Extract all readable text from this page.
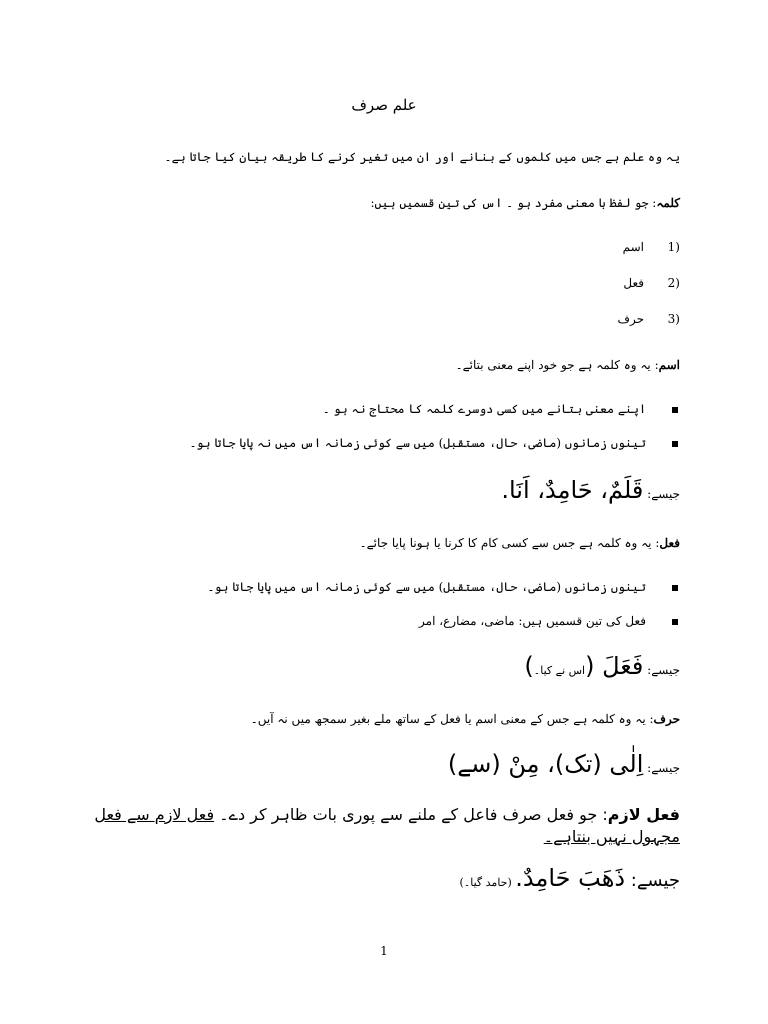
علم صرف
یہ وہ علم ہے جس میں کلموں کے بنانے اور ان میں تغیر کرنے کا طریقہ بیان کیا جاتا ہے۔
کلمہ: جو لفظ با معنی مفرد ہو ۔ اس کی تین قسمیں ہیں:
1)
اسم
2)
فعل
3)
حرف
اسم: یہ وہ کلمہ ہے جو خود اپنے معنی بتائے۔
اپنے معنی بتانے میں کسی دوسرے کلمہ کا محتاج نہ ہو ۔
تینوں زمانوں (ماضی، حال، مستقبل) میں سے کوئی زمانہ اس میں نہ پایا جاتا ہو۔
جیسے: قَلَمٌ، حَامِدٌ، اَنَا.
فعل: یہ وہ کلمہ ہے جس سے کسی کام کا کرنا یا ہونا پایا جائے۔
تینوں زمانوں (ماضی، حال، مستقبل) میں سے کوئی زمانہ اس میں پایا جاتا ہو۔
فعل کی تین قسمیں ہیں: ماضی، مضارع، امر
جیسے: فَعَلَ (اس نے کیا۔)
حرف: یہ وہ کلمہ ہے جس کے معنی اسم یا فعل کے ساتھ ملے بغیر سمجھ میں نہ آیں۔
جیسے: اِلٰی (تک)، مِنْ (سے)
فعل لازم: جو فعل صرف فاعل کے ملنے سے پوری بات ظاہر کر دے۔ فعل لازم سے فعل مجہول نہیں بنتاہے۔
جیسے: ذَهَبَ حَامِدٌ. (حامد گیا۔)
1
